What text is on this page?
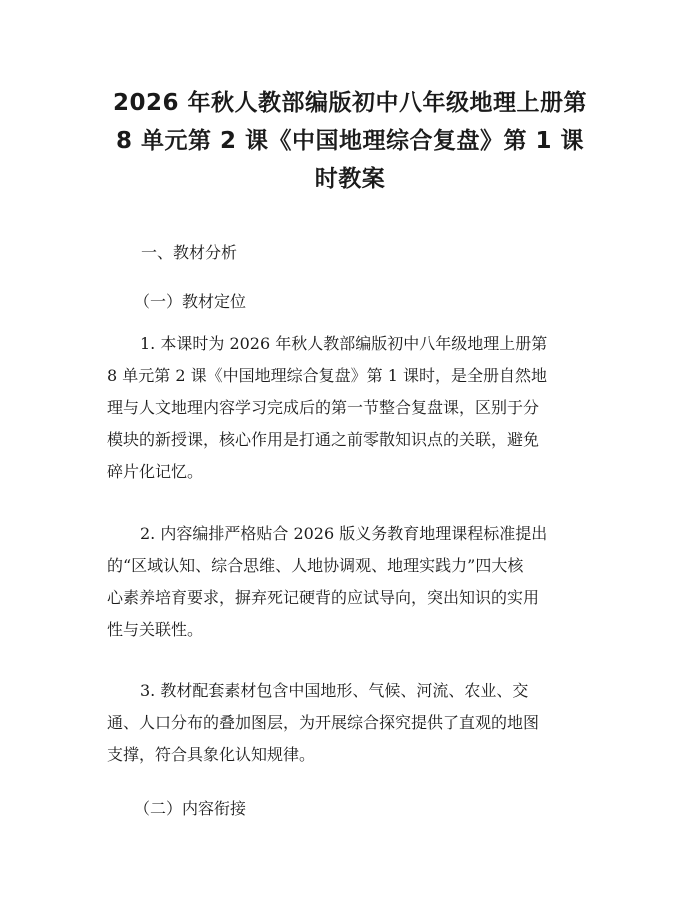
2026 年秋人教部编版初中八年级地理上册第
8 单元第 2 课《中国地理综合复盘》第 1 课
时教案

一、教材分析

（一）教材定位

1. 本课时为 2026 年秋人教部编版初中八年级地理上册第
8 单元第 2 课《中国地理综合复盘》第 1 课时，是全册自然地
理与人文地理内容学习完成后的第一节整合复盘课，区别于分
模块的新授课，核心作用是打通之前零散知识点的关联，避免
碎片化记忆。
2. 内容编排严格贴合 2026 版义务教育地理课程标准提出
的“区域认知、综合思维、人地协调观、地理实践力”四大核
心素养培育要求，摒弃死记硬背的应试导向，突出知识的实用
性与关联性。
3. 教材配套素材包含中国地形、气候、河流、农业、交
通、人口分布的叠加图层，为开展综合探究提供了直观的地图
支撑，符合具象化认知规律。

（二）内容衔接
